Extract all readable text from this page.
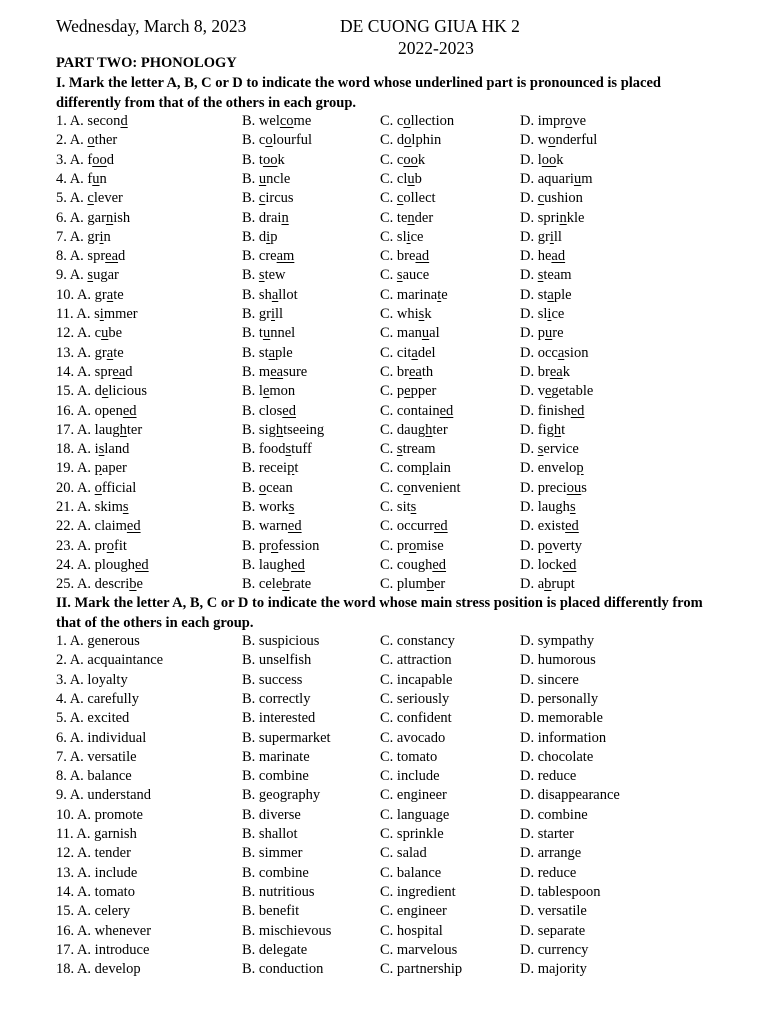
Wednesday, March 8, 2023	DE CUONG GIUA HK 2
2022-2023
PART TWO: PHONOLOGY
I. Mark the letter A, B, C or D to indicate the word whose underlined part is pronounced is placed differently from that of the others in each group.
1. A. second	B. welcome	C. collection	D. improve
2. A. other	B. colourful	C. dolphin	D. wonderful
3. A. food	B. took	C. cook	D. look
4. A. fun	B. uncle	C. club	D. aquarium
5. A. clever	B. circus	C. collect	D. cushion
6. A. garnish	B. drain	C. tender	D. sprinkle
7. A. grin	B. dip	C. slice	D. grill
8. A. spread	B. cream	C. bread	D. head
9. A. sugar	B. stew	C. sauce	D. steam
10. A. grate	B. shallot	C. marinate	D. staple
11. A. simmer	B. grill	C. whisk	D. slice
12. A. cube	B. tunnel	C. manual	D. pure
13. A. grate	B. staple	C. citadel	D. occasion
14. A. spread	B. measure	C. breath	D. break
15. A. delicious	B. lemon	C. pepper	D. vegetable
16. A. opened	B. closed	C. contained	D. finished
17. A. laughter	B. sightseeing	C. daughter	D. fight
18. A. island	B. foodstuff	C. stream	D. service
19. A. paper	B. receipt	C. complain	D. envelop
20. A. official	B. ocean	C. convenient	D. precious
21. A. skims	B. works	C. sits	D. laughs
22. A. claimed	B. warned	C. occurred	D. existed
23. A. profit	B. profession	C. promise	D. poverty
24. A. ploughed	B. laughed	C. coughed	D. locked
25. A. describe	B. celebrate	C. plumber	D. abrupt
II. Mark the letter A, B, C or D to indicate the word whose main stress position is placed differently from that of the others in each group.
1. A. generous	B. suspicious	C. constancy	D. sympathy
2. A. acquaintance	B. unselfish	C. attraction	D. humorous
3. A. loyalty	B. success	C. incapable	D. sincere
4. A. carefully	B. correctly	C. seriously	D. personally
5. A. excited	B. interested	C. confident	D. memorable
6. A. individual	B. supermarket	C. avocado	D. information
7. A. versatile	B. marinate	C. tomato	D. chocolate
8. A. balance	B. combine	C. include	D. reduce
9. A. understand	B. geography	C. engineer	D. disappearance
10. A. promote	B. diverse	C. language	D. combine
11. A. garnish	B. shallot	C. sprinkle	D. starter
12. A. tender	B. simmer	C. salad	D. arrange
13. A. include	B. combine	C. balance	D. reduce
14. A. tomato	B. nutritious	C. ingredient	D. tablespoon
15. A. celery	B. benefit	C. engineer	D. versatile
16. A. whenever	B. mischievous	C. hospital	D. separate
17. A. introduce	B. delegate	C. marvelous	D. currency
18. A. develop	B. conduction	C. partnership	D. majority
